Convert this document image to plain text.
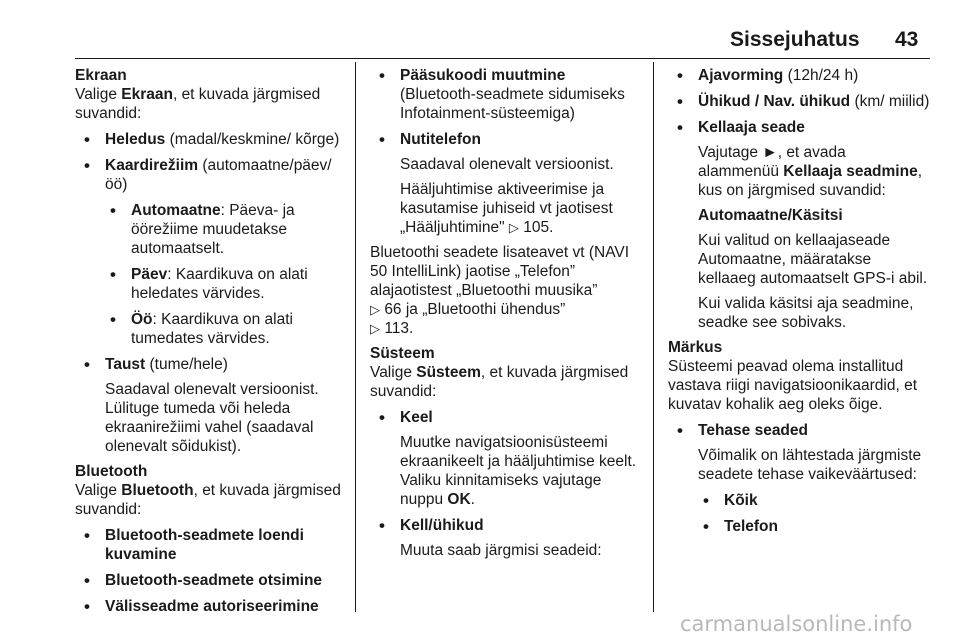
Sissejuhatus 43

Ekraan

Valige Ekraan, et kuvada järgmised suvandid:

• Heledus (madal/keskmine/ kõrge)

• Kaardirežiim (automaatne/päev/ öö)

• Automaatne: Päeva- ja öörežiime muudetakse automaatselt.

• Päev: Kaardikuva on alati heledates värvides.

• Öö: Kaardikuva on alati tumedates värvides.

• Taust (tume/hele)

Saadaval olenevalt versioonist. Lülituge tumeda või heleda ekraanirežiimi vahel (saadaval olenevalt sõidukist).

Bluetooth

Valige Bluetooth, et kuvada järgmised suvandid:

• Bluetooth-seadmete loendi kuvamine

• Bluetooth-seadmete otsimine

• Välisseadme autoriseerimine

• Pääsukoodi muutmine

(Bluetooth-seadmete sidumiseks Infotainment-süsteemiga)

• Nutitelefon

Saadaval olenevalt versioonist.

Hääljuhtimise aktiveerimise ja kasutamise juhiseid vt jaotisest „Hääljuhtimine" ▷ 105.

Bluetoothi seadete lisateavet vt (NAVI 50 IntelliLink) jaotise „Telefon” alajaotistest „Bluetoothi muusika”
▷ 66 ja „Bluetoothi ühendus”
▷ 113.

Süsteem

Valige Süsteem, et kuvada järgmised suvandid:

• Keel

Muutke navigatsioonisüsteemi ekraanikeelt ja hääljuhtimise keelt. Valiku kinnitamiseks vajutage nuppu OK.

• Kell/ühikud

Muuta saab järgmisi seadeid:

• Ajavorming (12h/24 h)

• Ühikud / Nav. ühikud (km/ miilid)

• Kellaaja seade

Vajutage ►, et avada alammenüü Kellaaja seadmine, kus on järgmised suvandid:

Automaatne/Käsitsi

Kui valitud on kellaajaseade Automaatne, määratakse kellaaeg automaatselt GPS-i abil.

Kui valida käsitsi aja seadmine, seadke see sobivaks.

Märkus

Süsteemi peavad olema installitud vastava riigi navigatsioonikaardid, et kuvatav kohalik aeg oleks õige.

• Tehase seaded

Võimalik on lähtestada järgmiste seadete tehase vaikeväärtused:

• Kõik

• Telefon

carmanualsonline.info
